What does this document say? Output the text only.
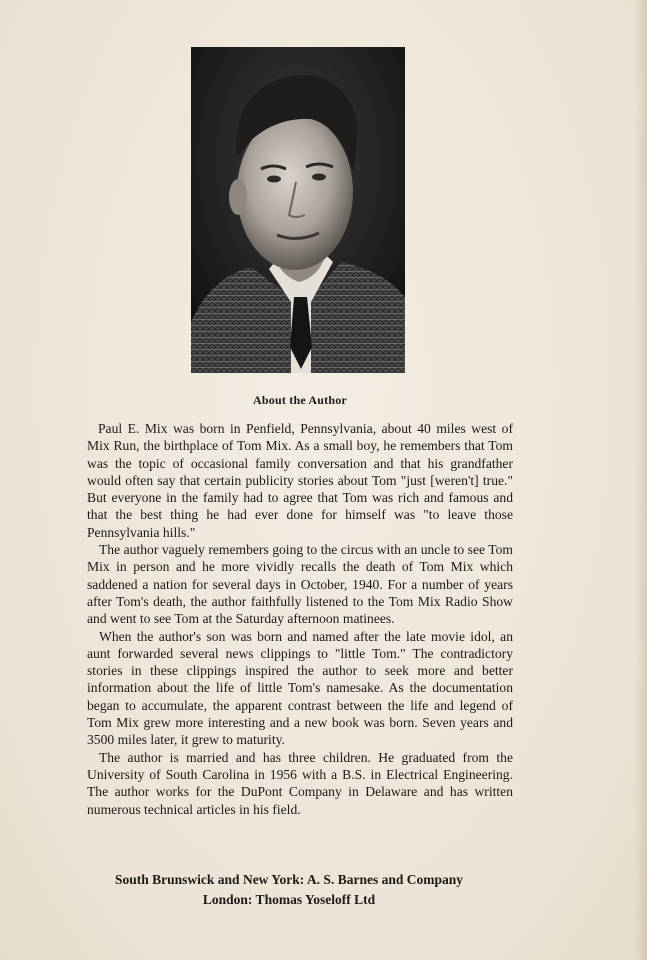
About the Author

Paul E. Mix was born in Penfield, Pennsylvania, about 40 miles west of Mix Run, the birthplace of Tom Mix. As a small boy, he remembers that Tom was the topic of occasional family conversation and that his grandfather would often say that certain publicity stories about Tom "just [weren't] true." But everyone in the family had to agree that Tom was rich and famous and that the best thing he had ever done for himself was "to leave those Pennsylvania hills."

The author vaguely remembers going to the circus with an uncle to see Tom Mix in person and he more vividly recalls the death of Tom Mix which saddened a nation for several days in October, 1940. For a number of years after Tom's death, the author faithfully listened to the Tom Mix Radio Show and went to see Tom at the Saturday afternoon matinees.

When the author's son was born and named after the late movie idol, an aunt forwarded several news clippings to "little Tom." The contradictory stories in these clippings inspired the author to seek more and better information about the life of little Tom's namesake. As the documentation began to accumulate, the apparent contrast between the life and legend of Tom Mix grew more interesting and a new book was born. Seven years and 3500 miles later, it grew to maturity.

The author is married and has three children. He graduated from the University of South Carolina in 1956 with a B.S. in Electrical Engineering. The author works for the DuPont Company in Delaware and has written numerous technical articles in his field.

South Brunswick and New York: A. S. Barnes and Company
London: Thomas Yoseloff Ltd
